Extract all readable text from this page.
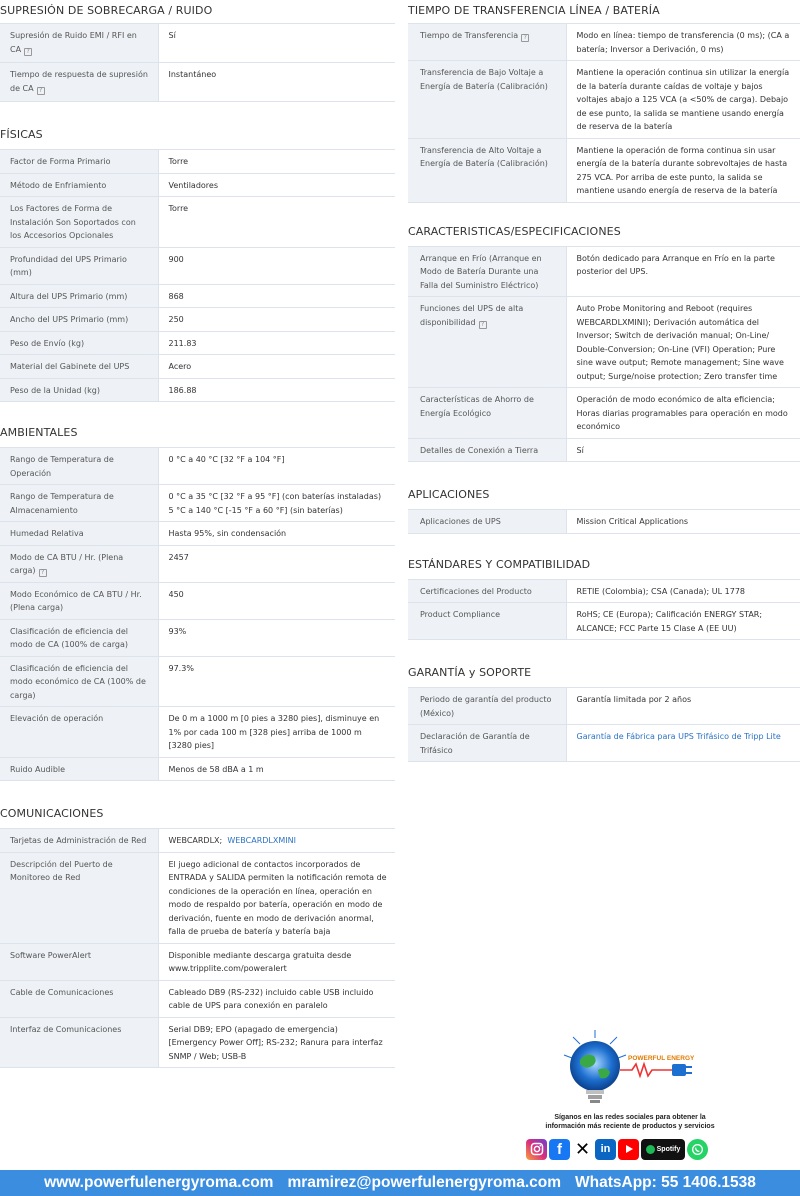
SUPRESIÓN DE SOBRECARGA / RUIDO
Supresión de Ruido EMI / RFI en CA ?	Sí
Tiempo de respuesta de supresión de CA ?	Instantáneo
FÍSICAS
Factor de Forma Primario	Torre
Método de Enfriamiento	Ventiladores
Los Factores de Forma de Instalación Son Soportados con los Accesorios Opcionales	Torre
Profundidad del UPS Primario (mm)	900
Altura del UPS Primario (mm)	868
Ancho del UPS Primario (mm)	250
Peso de Envío (kg)	211.83
Material del Gabinete del UPS	Acero
Peso de la Unidad (kg)	186.88
AMBIENTALES
Rango de Temperatura de Operación	0 °C a 40 °C [32 °F a 104 °F]
Rango de Temperatura de Almacenamiento	0 °C a 35 °C [32 °F a 95 °F] (con baterías instaladas) 5 °C a 140 °C [-15 °F a 60 °F] (sin baterías)
Humedad Relativa	Hasta 95%, sin condensación
Modo de CA BTU / Hr. (Plena carga) ?	2457
Modo Económico de CA BTU / Hr. (Plena carga)	450
Clasificación de eficiencia del modo de CA (100% de carga)	93%
Clasificación de eficiencia del modo económico de CA (100% de carga)	97.3%
Elevación de operación	De 0 m a 1000 m [0 pies a 3280 pies], disminuye en 1% por cada 100 m [328 pies] arriba de 1000 m [3280 pies]
Ruido Audible	Menos de 58 dBA a 1 m
COMUNICACIONES
Tarjetas de Administración de Red	WEBCARDLX; WEBCARDLXMINI
Descripción del Puerto de Monitoreo de Red	El juego adicional de contactos incorporados de ENTRADA y SALIDA permiten la notificación remota de condiciones de la operación en línea, operación en modo de respaldo por batería, operación en modo de derivación, fuente en modo de derivación anormal, falla de prueba de batería y batería baja
Software PowerAlert	Disponible mediante descarga gratuita desde www.tripplite.com/poweralert
Cable de Comunicaciones	Cableado DB9 (RS-232) incluido cable USB incluido cable de UPS para conexión en paralelo
Interfaz de Comunicaciones	Serial DB9; EPO (apagado de emergencia) [Emergency Power Off]; RS-232; Ranura para interfaz SNMP / Web; USB-B
TIEMPO DE TRANSFERENCIA LÍNEA / BATERÍA
Tiempo de Transferencia ?	Modo en línea: tiempo de transferencia (0 ms); (CA a batería; Inversor a Derivación, 0 ms)
Transferencia de Bajo Voltaje a Energía de Batería (Calibración)	Mantiene la operación continua sin utilizar la energía de la batería durante caídas de voltaje y bajos voltajes abajo a 125 VCA (a <50% de carga). Debajo de ese punto, la salida se mantiene usando energía de reserva de la batería
Transferencia de Alto Voltaje a Energía de Batería (Calibración)	Mantiene la operación de forma continua sin usar energía de la batería durante sobrevoltajes de hasta 275 VCA. Por arriba de este punto, la salida se mantiene usando energía de reserva de la batería
CARACTERISTICAS/ESPECIFICACIONES
Arranque en Frío (Arranque en Modo de Batería Durante una Falla del Suministro Eléctrico)	Botón dedicado para Arranque en Frío en la parte posterior del UPS.
Funciones del UPS de alta disponibilidad ?	Auto Probe Monitoring and Reboot (requires WEBCARDLXMINI); Derivación automática del Inversor; Switch de derivación manual; On-Line/ Double-Conversion; On-Line (VFI) Operation; Pure sine wave output; Remote management; Sine wave output; Surge/noise protection; Zero transfer time
Características de Ahorro de Energía Ecológico	Operación de modo económico de alta eficiencia; Horas diarias programables para operación en modo económico
Detalles de Conexión a Tierra	Sí
APLICACIONES
Aplicaciones de UPS	Mission Critical Applications
ESTÁNDARES Y COMPATIBILIDAD
Certificaciones del Producto	RETIE (Colombia); CSA (Canada); UL 1778
Product Compliance	RoHS; CE (Europa); Calificación ENERGY STAR; ALCANCE; FCC Parte 15 Clase A (EE UU)
GARANTÍA y SOPORTE
Periodo de garantía del producto (México)	Garantía limitada por 2 años
Declaración de Garantía de Trifásico	Garantía de Fábrica para UPS Trifásico de Tripp Lite
POWERFUL ENERGY
Síganos en las redes sociales para obtener la
información más reciente de productos y servicios
f ✕ in	Spotify
www.powerfulenergyroma.com mramirez@powerfulenergyroma.com WhatsApp: 55 1406.1538
